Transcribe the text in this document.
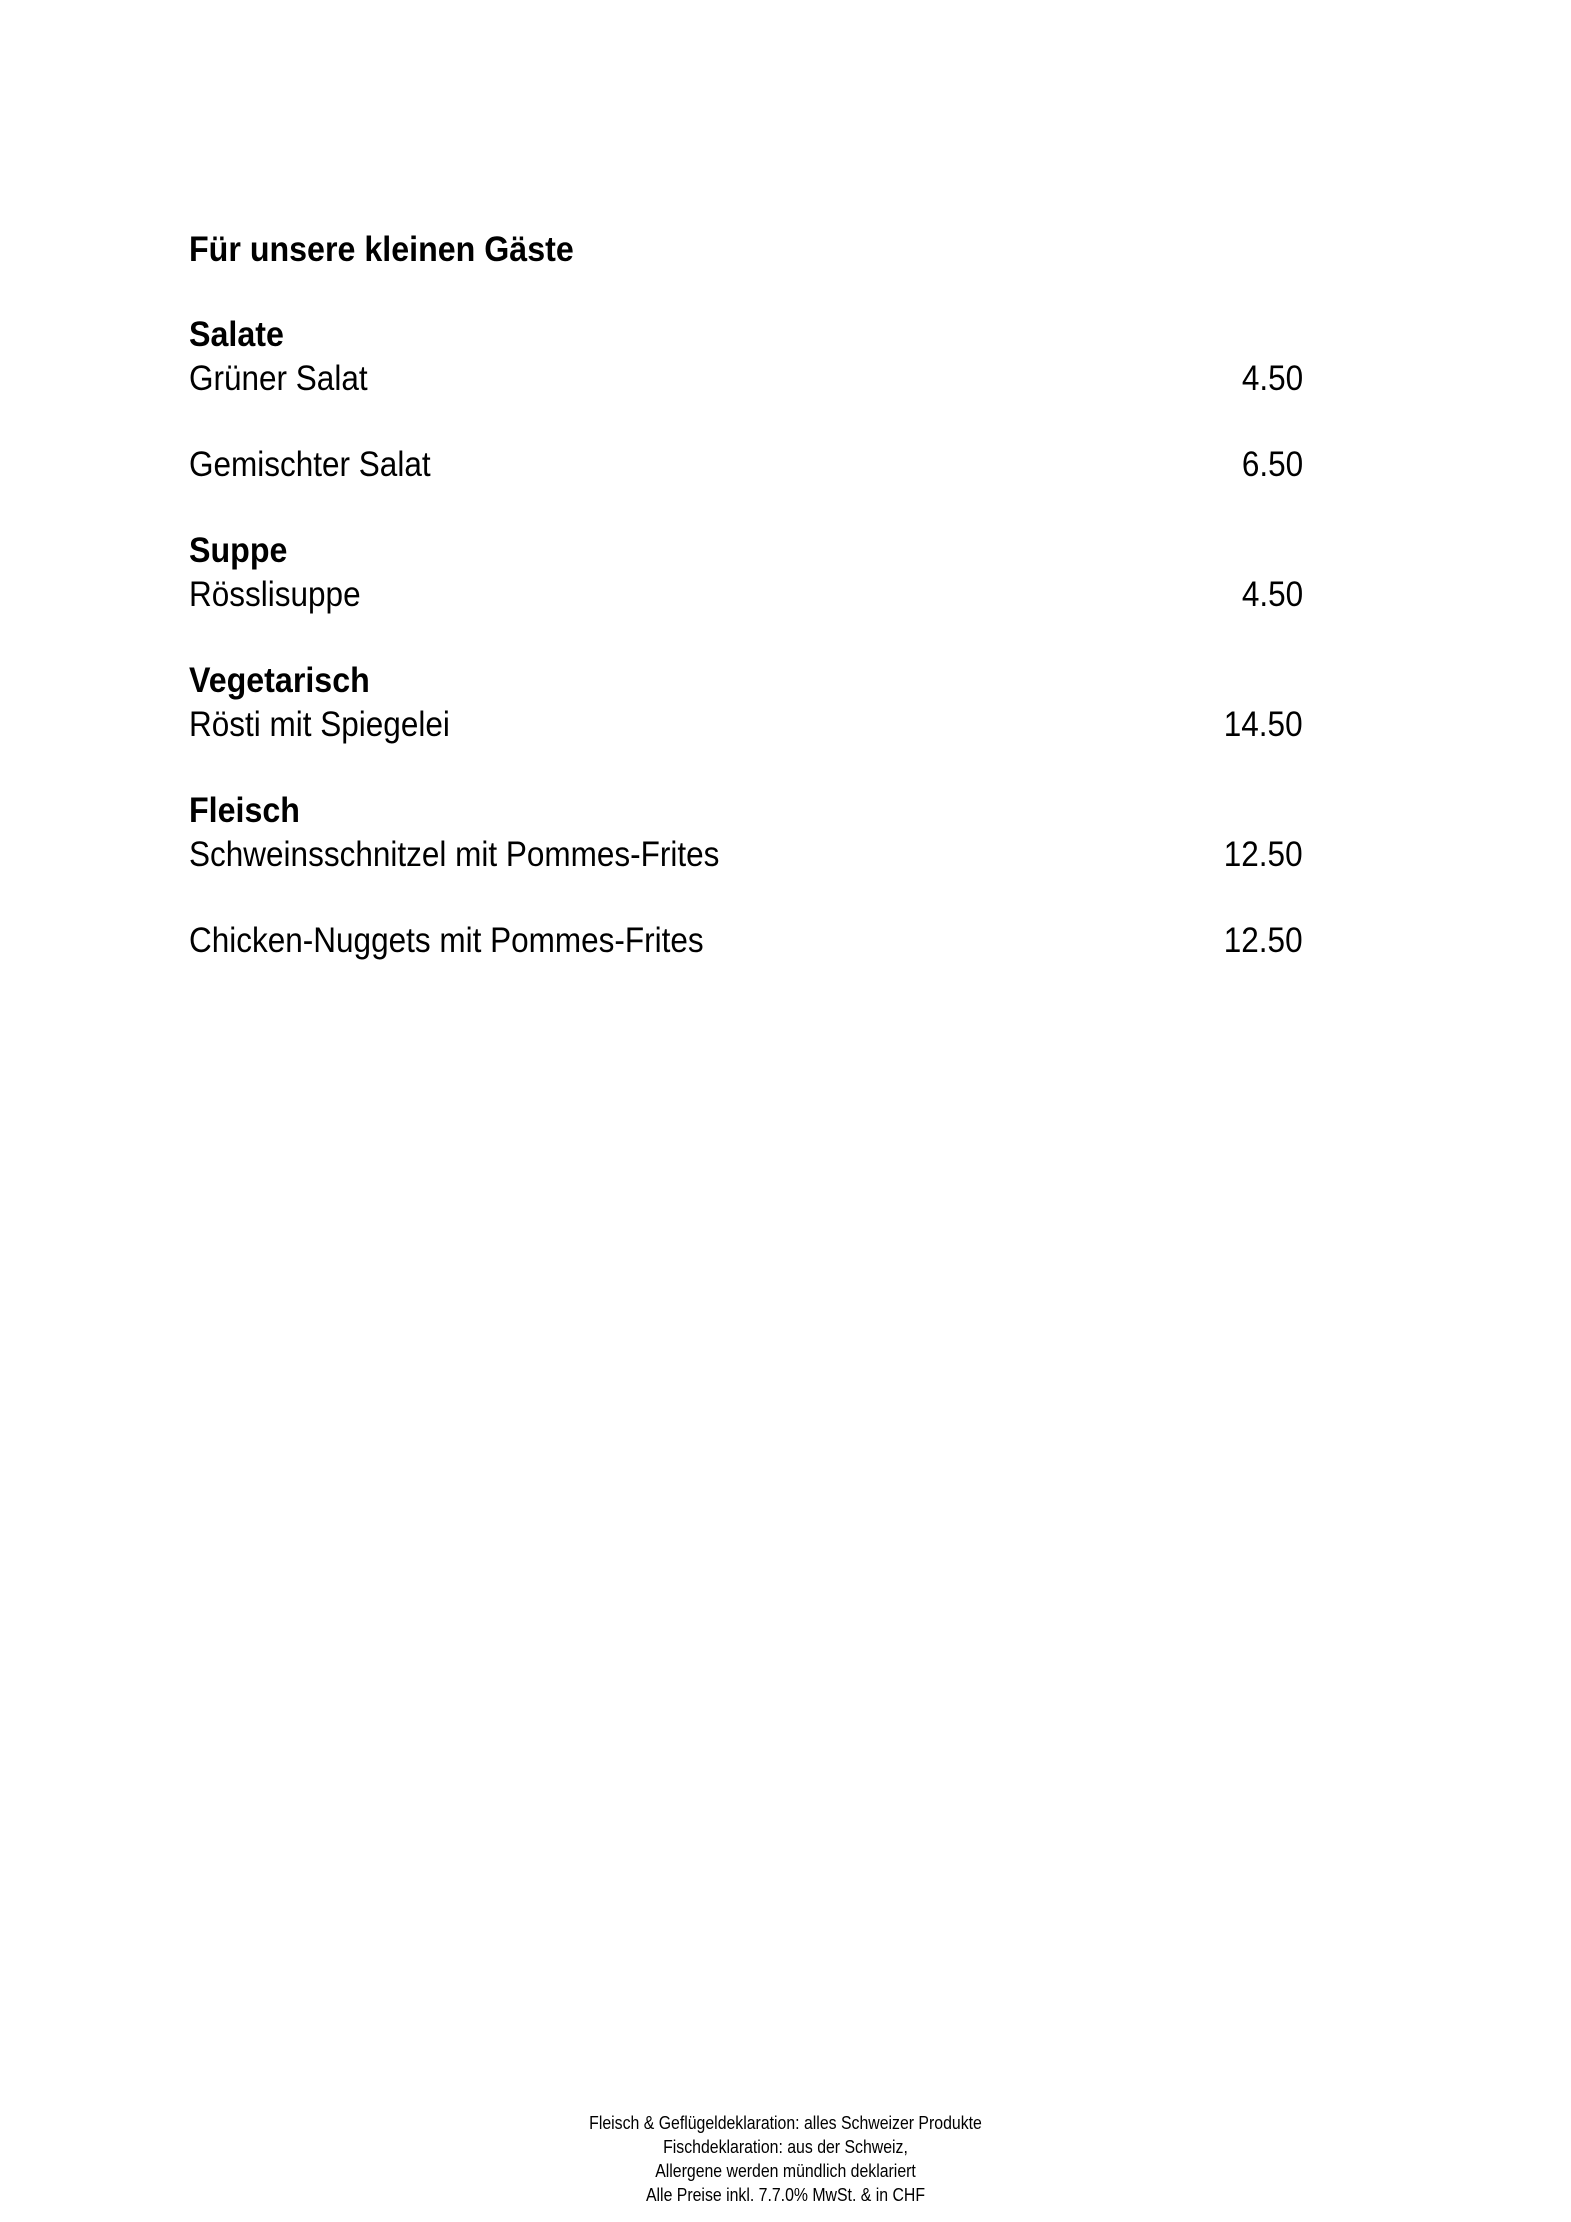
Für unsere kleinen Gäste
Salate
Grüner Salat	4.50
Gemischter Salat	6.50
Suppe
Rösslisuppe	4.50
Vegetarisch
Rösti mit Spiegelei	14.50
Fleisch
Schweinsschnitzel mit Pommes-Frites	12.50
Chicken-Nuggets mit Pommes-Frites	12.50
Fleisch & Geflügeldeklaration: alles Schweizer Produkte
Fischdeklaration: aus der Schweiz,
Allergene werden mündlich deklariert
Alle Preise inkl. 7.7.0% MwSt. & in CHF
